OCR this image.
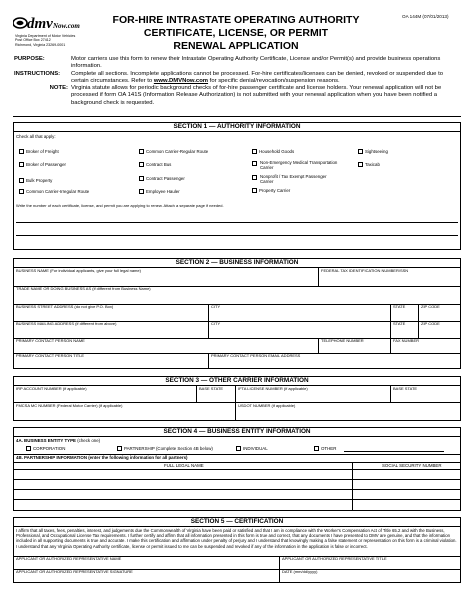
dmv Now.com
Virginia Department of Motor Vehicles
Post Office Box 27412
Richmond, Virginia 23269-0001
OA 144M (07/01/2013)
FOR-HIRE INTRASTATE OPERATING AUTHORITY
CERTIFICATE, LICENSE, OR PERMIT
RENEWAL APPLICATION
PURPOSE:	Motor carriers use this form to renew their Intrastate Operating Authority Certificate, License and/or Permit(s) and provide business operations information.
INSTRUCTIONS:	Complete all sections. Incomplete applications cannot be processed. For-hire certificates/licenses can be denied, revoked or suspended due to certain circumstances. Refer to www.DMVNow.com for specific denial/revocation/suspension reasons.
NOTE: Virginia statute allows for periodic background checks of for-hire passenger certificate and license holders. Your renewal application will not be processed if form OA 141S (Information Release Authorization) is not submitted with your renewal application when you have been notified a background check is requested.
SECTION 1 — AUTHORITY INFORMATION
Check all that apply:
Broker of Freight
Broker of Passenger
Bulk Property
Common Carrier-Irregular Route
Common Carrier-Regular Route
Contract Bus
Contract Passenger
Employee Hauler
Household Goods
Non-Emergency Medical Transportation Carrier
Nonprofit / Tax Exempt Passenger Carrier
Property Carrier
Sightseeing
Taxicab
Write the number of each certificate, license, and permit you are applying to renew. Attach a separate page if needed.
SECTION 2 — BUSINESS INFORMATION
BUSINESS NAME (For individual applicants, give your full legal name)	FEDERAL TAX IDENTIFICATION NUMBER/SSN
TRADE NAME OR DOING BUSINESS AS (if different from Business Name)
BUSINESS STREET ADDRESS (do not give P.O. Box)	CITY	STATE	ZIP CODE
BUSINESS MAILING ADDRESS (if different from above)	CITY	STATE	ZIP CODE
PRIMARY CONTACT PERSON NAME	TELEPHONE NUMBER	FAX NUMBER
PRIMARY CONTACT PERSON TITLE	PRIMARY CONTACT PERSON EMAIL ADDRESS
SECTION 3 — OTHER CARRIER INFORMATION
IRP ACCOUNT NUMBER (if applicable)	BASE STATE	IFTA LICENSE NUMBER (if applicable)	BASE STATE
FMCSA MC NUMBER (Federal Motor Carrier) (if applicable)	USDOT NUMBER (if applicable)
SECTION 4 — BUSINESS ENTITY INFORMATION
4A. BUSINESS ENTITY TYPE (check one)
CORPORATION	PARTNERSHIP (Complete Section 4B below)	INDIVIDUAL	OTHER
4B. PARTNERSHIP INFORMATION (enter the following information for all partners)
FULL LEGAL NAME	SOCIAL SECURITY NUMBER
SECTION 5 — CERTIFICATION
I affirm that all taxes, fees, penalties, interest, and judgements due the Commonwealth of Virginia have been paid or satisfied and that I am in compliance with the Worker's Compensation Act of Title 65.2 and with the Business, Professional, and Occupational License Tax requirements. I further certify and affirm that all information presented in this form is true and correct, that any documents I have presented to DMV are genuine, and that the information included in all supporting documents is true and accurate. I make this certification and affirmation under penalty of perjury and I understand that knowingly making a false statement or representation on this form is a criminal violation. I understand that any Virginia Operating Authority certificate, license or permit issued to me can be suspended and revoked if any of the information in the application is false or incorrect.
APPLICANT OR AUTHORIZED REPRESENTATIVE NAME	APPLICANT OR AUTHORIZED REPRESENTATIVE TITLE
APPLICANT OR AUTHORIZED REPRESENTATIVE SIGNATURE	DATE (mm/dd/yyyy)
